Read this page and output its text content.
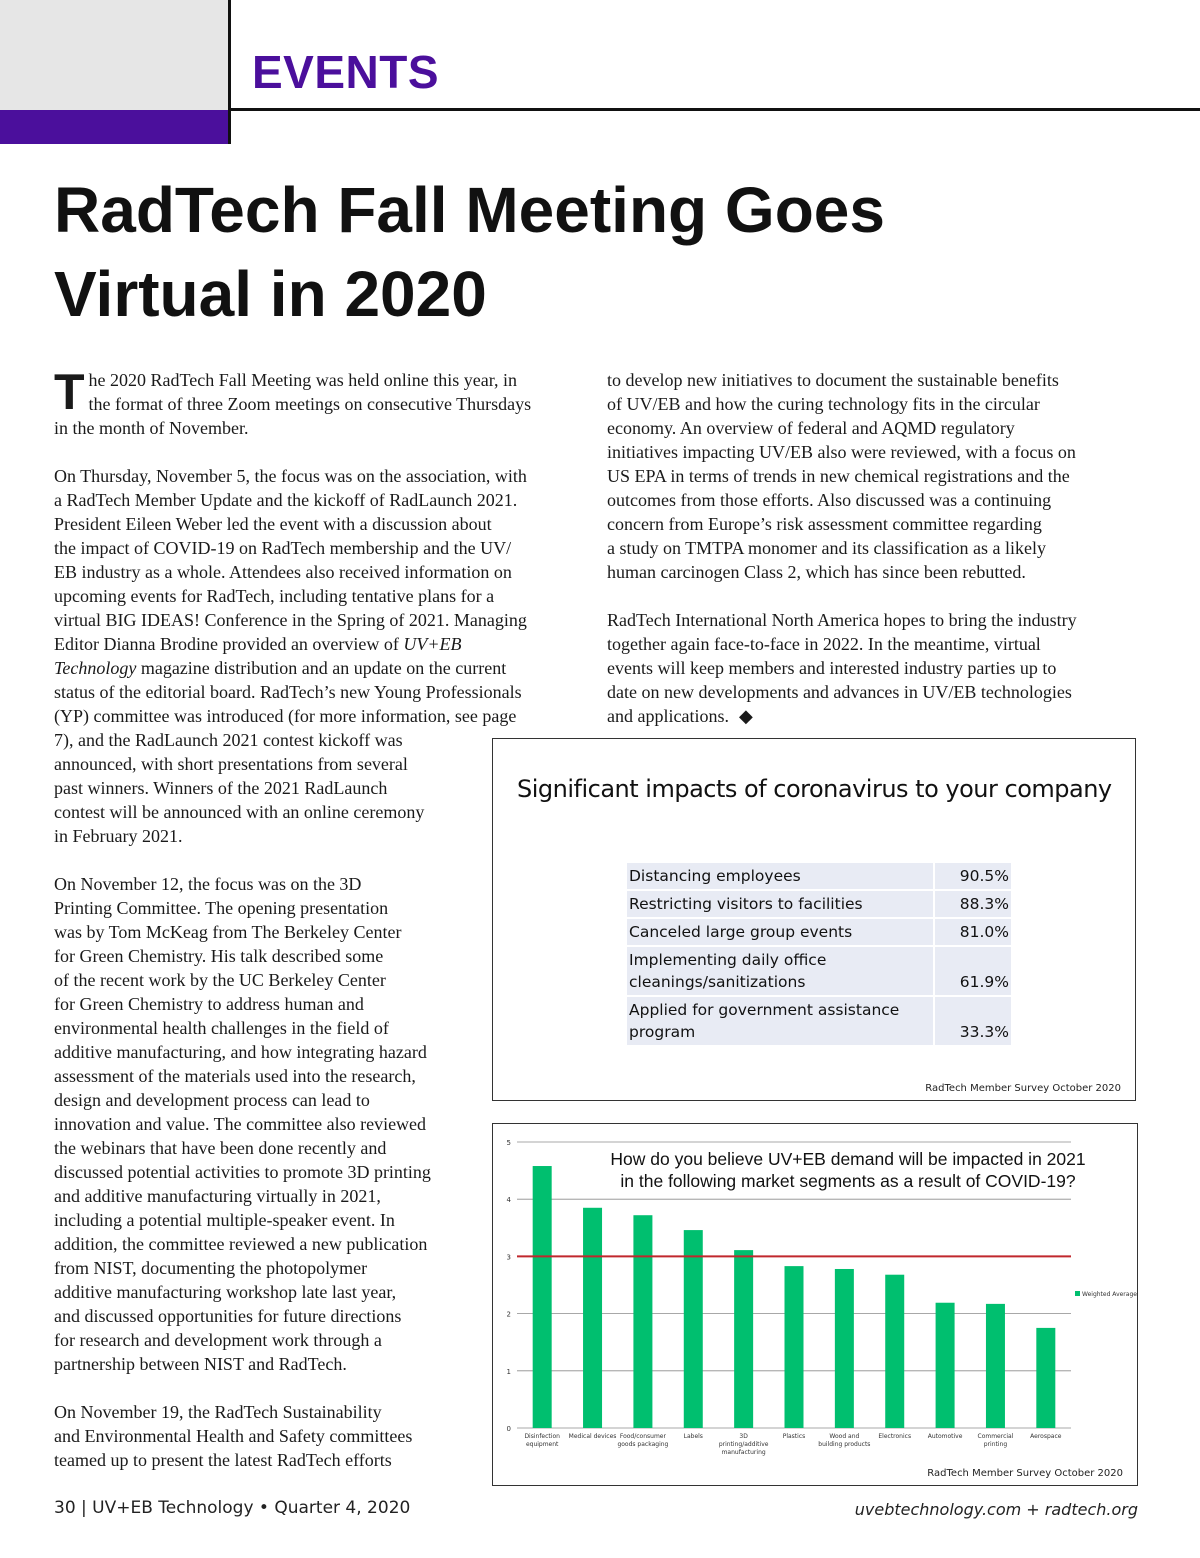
EVENTS
RadTech Fall Meeting Goes Virtual in 2020

The 2020 RadTech Fall Meeting was held online this year, in
the format of three Zoom meetings on consecutive Thursdays
in the month of November.

On Thursday, November 5, the focus was on the association, with
a RadTech Member Update and the kickoff of RadLaunch 2021.
President Eileen Weber led the event with a discussion about
the impact of COVID-19 on RadTech membership and the UV/
EB industry as a whole. Attendees also received information on
upcoming events for RadTech, including tentative plans for a
virtual BIG IDEAS! Conference in the Spring of 2021. Managing
Editor Dianna Brodine provided an overview of UV+EB
Technology magazine distribution and an update on the current
status of the editorial board. RadTech’s new Young Professionals
(YP) committee was introduced (for more information, see page

7), and the RadLaunch 2021 contest kickoff was
announced, with short presentations from several
past winners. Winners of the 2021 RadLaunch
contest will be announced with an online ceremony
in February 2021.

On November 12, the focus was on the 3D
Printing Committee. The opening presentation
was by Tom McKeag from The Berkeley Center
for Green Chemistry. His talk described some
of the recent work by the UC Berkeley Center
for Green Chemistry to address human and
environmental health challenges in the field of
additive manufacturing, and how integrating hazard
assessment of the materials used into the research,
design and development process can lead to
innovation and value. The committee also reviewed
the webinars that have been done recently and
discussed potential activities to promote 3D printing
and additive manufacturing virtually in 2021,
including a potential multiple-speaker event. In
addition, the committee reviewed a new publication
from NIST, documenting the photopolymer
additive manufacturing workshop late last year,
and discussed opportunities for future directions
for research and development work through a
partnership between NIST and RadTech.

On November 19, the RadTech Sustainability
and Environmental Health and Safety committees
teamed up to present the latest RadTech efforts

to develop new initiatives to document the sustainable benefits
of UV/EB and how the curing technology fits in the circular
economy. An overview of federal and AQMD regulatory
initiatives impacting UV/EB also were reviewed, with a focus on
US EPA in terms of trends in new chemical registrations and the
outcomes from those efforts. Also discussed was a continuing
concern from Europe’s risk assessment committee regarding
a study on TMTPA monomer and its classification as a likely
human carcinogen Class 2, which has since been rebutted.

RadTech International North America hopes to bring the industry
together again face-to-face in 2022. In the meantime, virtual
events will keep members and interested industry parties up to
date on new developments and advances in UV/EB technologies
and applications. ◆

Significant impacts of coronavirus to your company
Distancing employees	90.5%
Restricting visitors to facilities	88.3%
Canceled large group events	81.0%
Implementing daily office
cleanings/sanitizations	61.9%
Applied for government assistance
program	33.3%
RadTech Member Survey October 2020
0
1
2
3
4
5
Disinfection
equipment
Medical devices Food/consumer
goods packaging
Labels	3D
printing/additive
manufacturing
Plastics	Wood and
building products
Electronics	Automotive	Commercial
printing
Aerospace
Weighted Average
How do you believe UV+EB demand will be impacted in 2021
in the following market segments as a result of COVID-19?
RadTech Member Survey October 2020
30 | UV+EB Technology • Quarter 4, 2020	uvebtechnology.com + radtech.org
